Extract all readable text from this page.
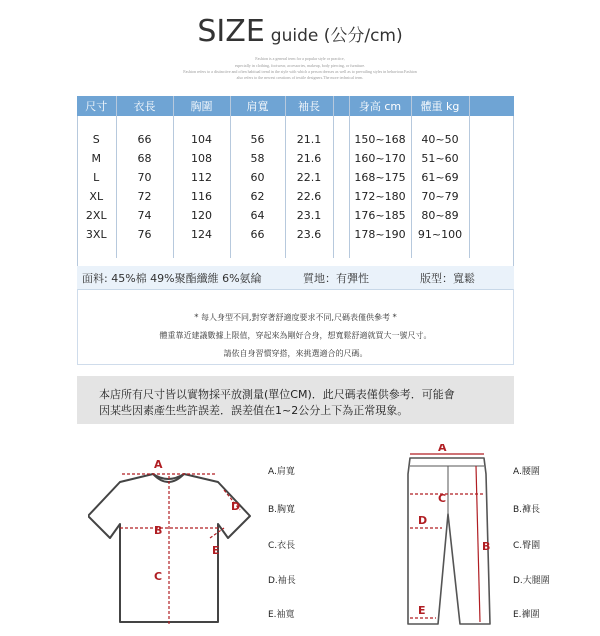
SIZE guide (公分/cm)
Fashion is a general term for a popular style or practice,
especially in clothing, footwear, accessories, makeup, body piercing, or furniture.
Fashion refers to a distinctive and often habitual trend in the style with which a person dresses as well as to prevailing styles in behaviour.Fashion
also refers to the newest creations of textile designers.The more technical term.
尺寸	衣長	胸圍	肩寬	袖長		身高 cm	體重 kg	

S	66	104	56	21.1		150~168	40~50	
M	68	108	58	21.6		160~170	51~60	
L	70	112	60	22.1		168~175	61~69	
XL	72	116	62	22.6		172~180	70~79	
2XL	74	120	64	23.1		176~185	80~89	
3XL	76	124	66	23.6		178~190	91~100	

面料: 45%棉 49%聚酯纖維 6%氨綸	質地：有彈性	版型：寬鬆
* 每人身型不同,對穿著舒適度要求不同,尺碼表僅供參考 *
體重靠近建議數據上限值，穿起來為剛好合身，想寬鬆舒適就買大一號尺寸。
請依自身習慣穿搭，來挑選適合的尺碼。
本店所有尺寸皆以實物採平放測量(單位CM)．此尺碼表僅供參考．可能會
因某些因素產生些許誤差．誤差值在1~2公分上下為正常現象。
A
B
C
D
E
A.肩寬
B.胸寬
C.衣長
D.袖長
E.袖寬
A
C
D
B
E
A.腰圍
B.褲長
C.臀圍
D.大腿圍
E.褲圍
